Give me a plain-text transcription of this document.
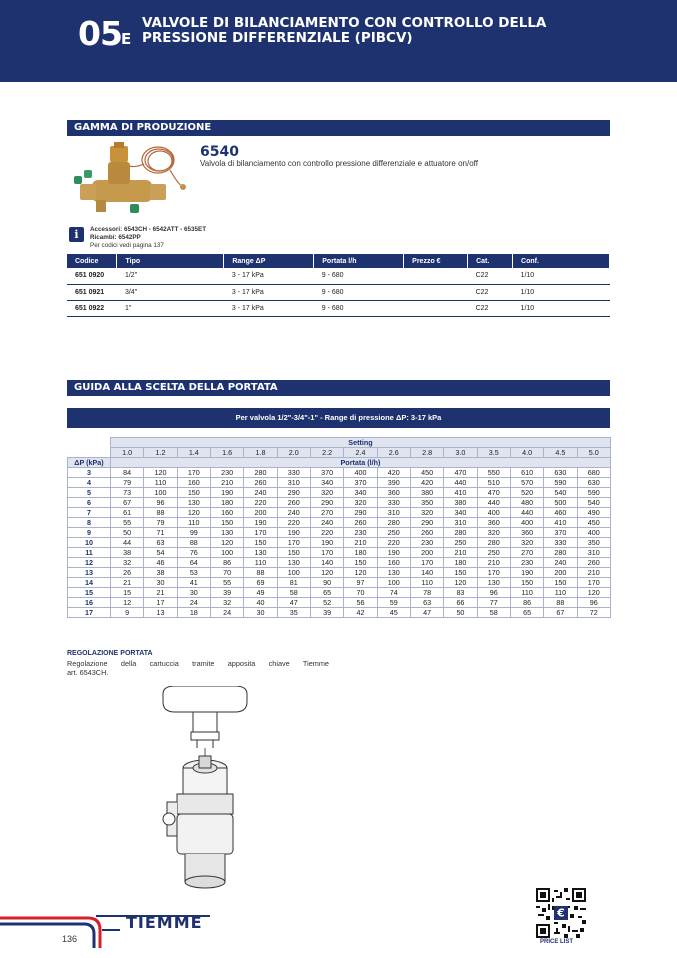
05 E
VALVOLE DI BILANCIAMENTO CON CONTROLLO DELLA
PRESSIONE DIFFERENZIALE (PIBCV)
GAMMA DI PRODUZIONE
6540
Valvola di bilanciamento con controllo pressione differenziale e attuatore on/off
i	Accessori: 6543CH - 6542ATT - 6535ET
Ricambi: 6542PP
Per codici vedi pagina 137
Codice	Tipo	Range ΔP	Portata l/h	Prezzo €	Cat.	Conf.
651 0920	1/2"	3 - 17 kPa	9 - 680		C22	1/10
651 0921	3/4"	3 - 17 kPa	9 - 680		C22	1/10
651 0922	1"	3 - 17 kPa	9 - 680		C22	1/10
GUIDA ALLA SCELTA DELLA PORTATA
Per valvola 1/2"-3/4"-1" - Range di pressione ΔP: 3-17 kPa
	Setting														
	1.0	1.2	1.4	1.6	1.8	2.0	2.2	2.4	2.6	2.8	3.0	3.5	4.0	4.5	5.0
ΔP (kPa)	Portata (l/h)														
3	84	120	170	230	280	330	370	400	420	450	470	550	610	630	680
4	79	110	160	210	260	310	340	370	390	420	440	510	570	590	630
5	73	100	150	190	240	290	320	340	360	380	410	470	520	540	590
6	67	96	130	180	220	260	290	320	330	350	380	440	480	500	540
7	61	88	120	160	200	240	270	290	310	320	340	400	440	460	490
8	55	79	110	150	190	220	240	260	280	290	310	360	400	410	450
9	50	71	99	130	170	190	220	230	250	260	280	320	360	370	400
10	44	63	88	120	150	170	190	210	220	230	250	280	320	330	350
11	38	54	76	100	130	150	170	180	190	200	210	250	270	280	310
12	32	46	64	86	110	130	140	150	160	170	180	210	230	240	260
13	26	38	53	70	88	100	120	120	130	140	150	170	190	200	210
14	21	30	41	55	69	81	90	97	100	110	120	130	150	150	170
15	15	21	30	39	49	58	65	70	74	78	83	96	110	110	120
16	12	17	24	32	40	47	52	56	59	63	66	77	86	88	96
17	9	13	18	24	30	35	39	42	45	47	50	58	65	67	72
REGOLAZIONE PORTATA
Regolazione della cartuccia tramite apposita chiave Tiemme
art. 6543CH.
TIEMME
136
€
PRICE LIST
